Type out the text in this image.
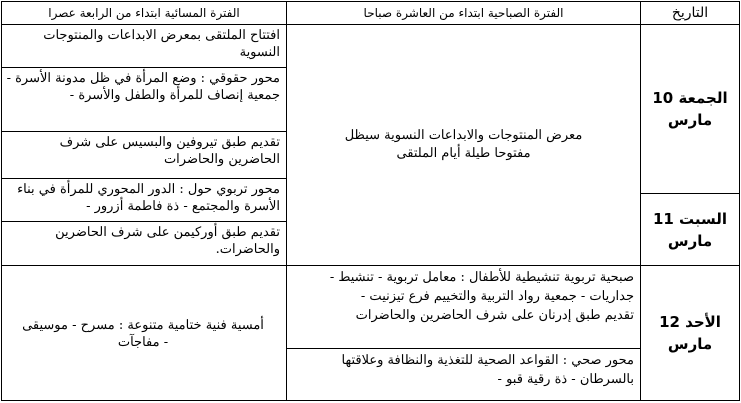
التاريخ
الفترة الصباحية ابتداء من العاشرة صباحا
الفترة المسائية ابتداء من الرابعة عصرا
الجمعة 10
مارس
السبت 11
مارس
الأحد 12
مارس
معرض المنتوجات والابداعات النسوية سيظل مفتوحا طيلة أيام الملتقى
صبحية تربوية تنشيطية للأطفال : معامل تربوية - تنشيط - جداريات - جمعية رواد التربية والتخييم فرع تيزنيت -
تقديم طبق إدرنان على شرف الحاضرين والحاضرات
محور صحي : القواعد الصحية للتغذية والنظافة وعلاقتها بالسرطان - ذة رقية قبو -
افتتاح الملتقى بمعرض الابداعات والمنتوجات النسوية
محور حقوقي : وضع المرأة في ظل مدونة الأسرة - جمعية إنصاف للمرأة والطفل والأسرة -
تقديم طبق تيروفين والبسيس على شرف الحاضرين والحاضرات
محور تربوي حول : الدور المحوري للمرأة في بناء الأسرة والمجتمع - ذة فاطمة أزرور -
تقديم طبق أوركيمن على شرف الحاضرين والحاضرات.
أمسية فنية ختامية متنوعة : مسرح - موسيقى - مفاجآت
